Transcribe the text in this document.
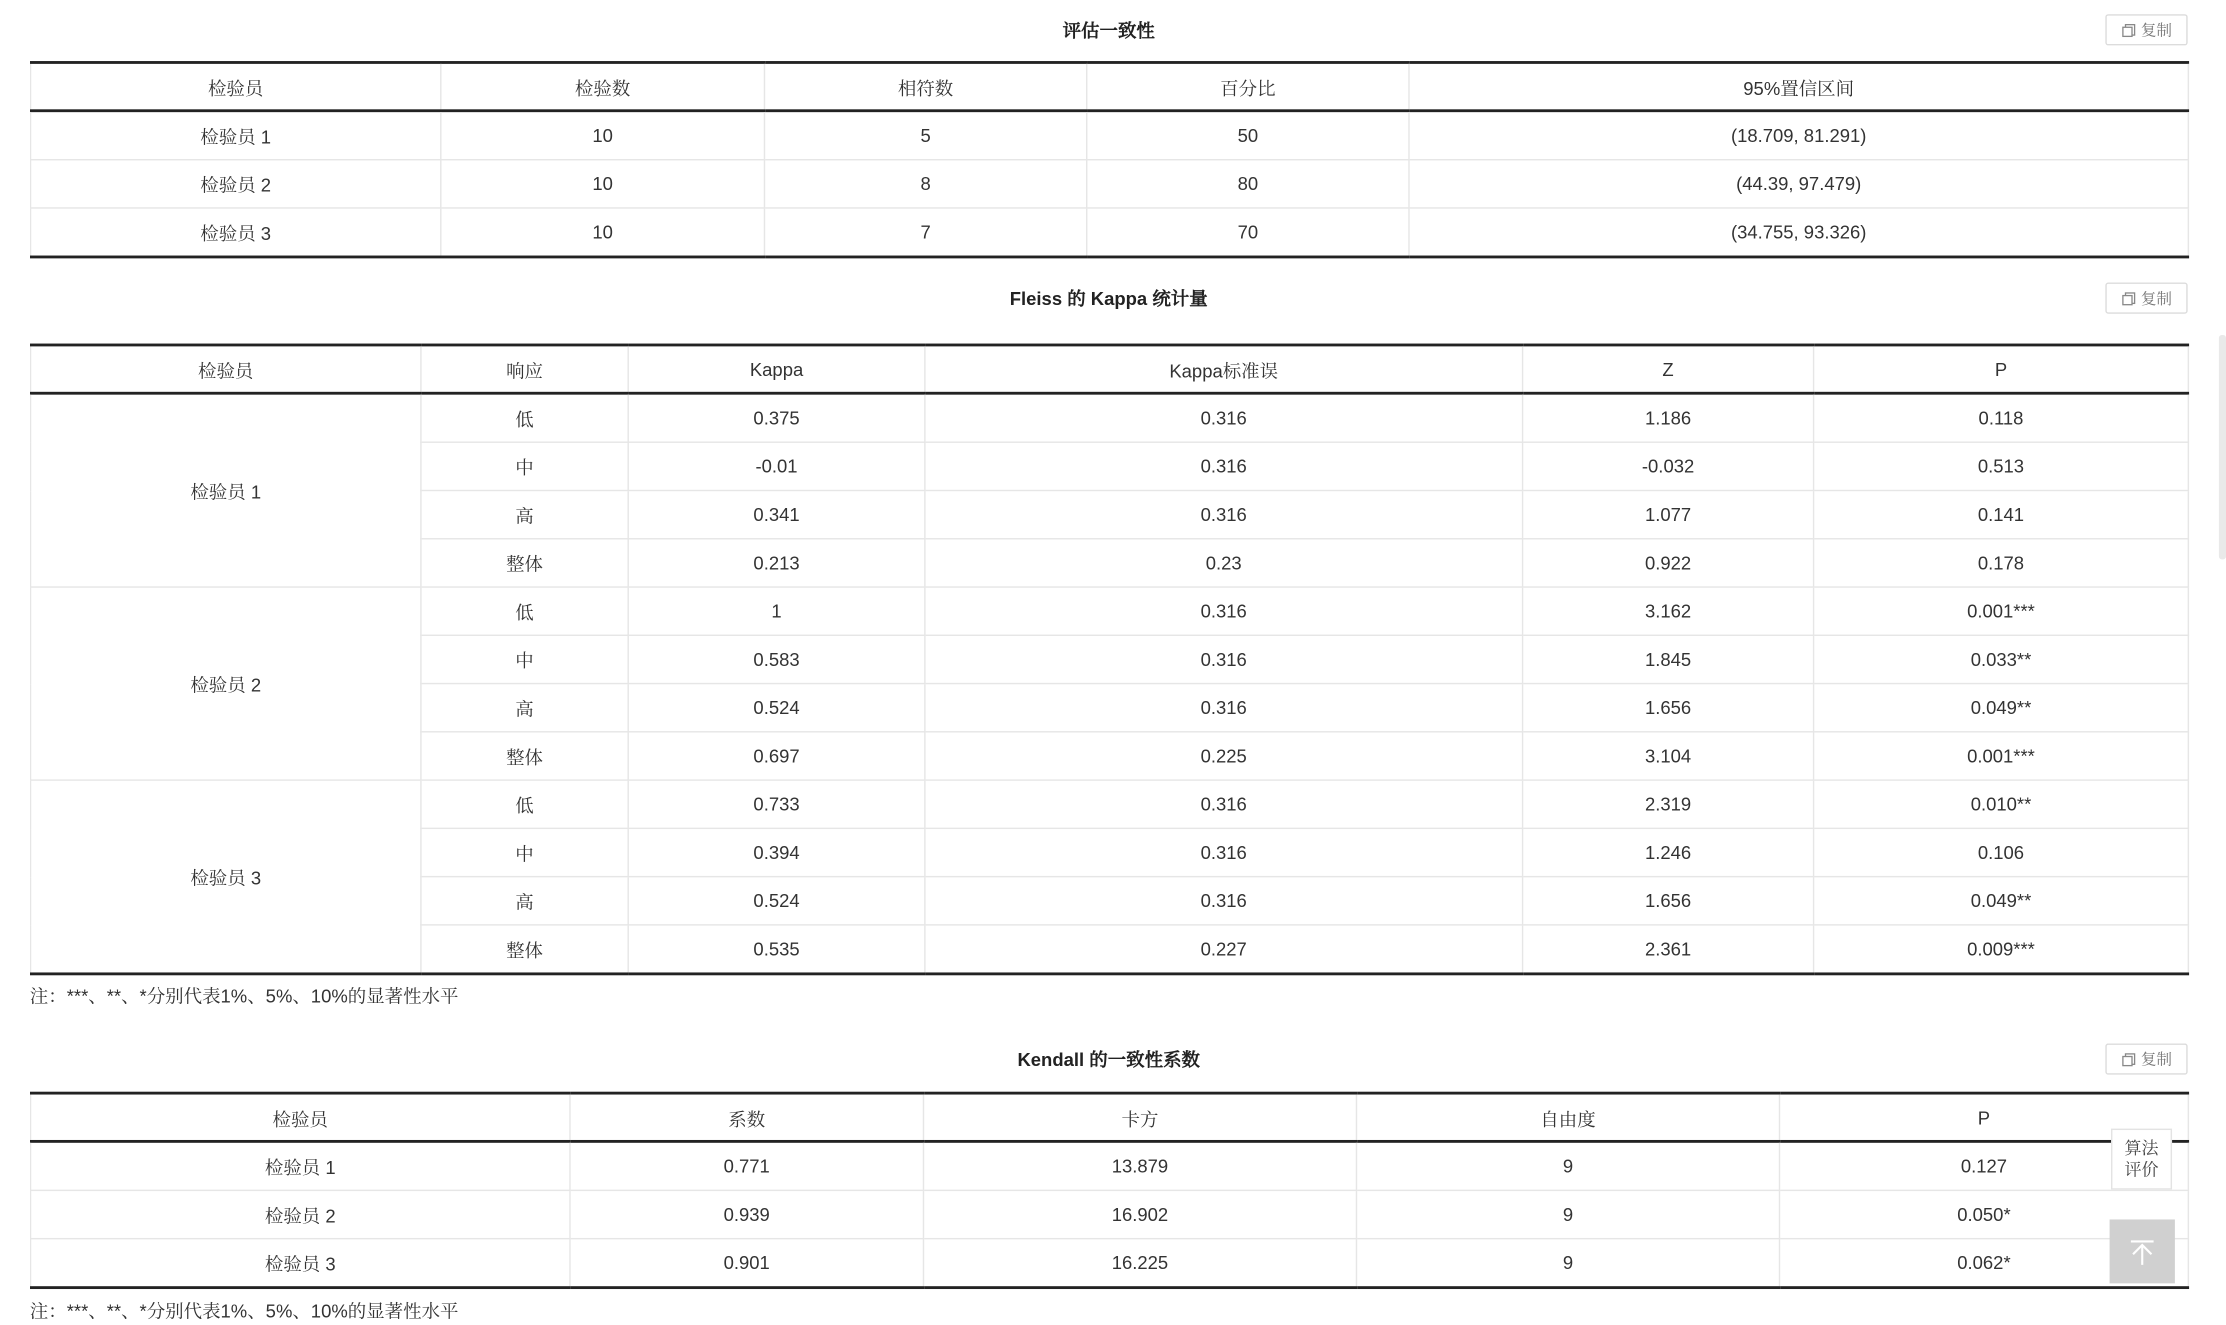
评估一致性	复制
检验员	检验数	相符数	百分比	95%置信区间
检验员 1	10	5	50	(18.709, 81.291)
检验员 2	10	8	80	(44.39, 97.479)
检验员 3	10	7	70	(34.755, 93.326)
Fleiss 的 Kappa 统计量	复制
检验员	响应	Kappa	Kappa标准误	Z	P
检验员 1	低	0.375	0.316	1.186	0.118
	中	-0.01	0.316	-0.032	0.513
	高	0.341	0.316	1.077	0.141
	整体	0.213	0.23	0.922	0.178
检验员 2	低	1	0.316	3.162	0.001***
	中	0.583	0.316	1.845	0.033**
	高	0.524	0.316	1.656	0.049**
	整体	0.697	0.225	3.104	0.001***
检验员 3	低	0.733	0.316	2.319	0.010**
	中	0.394	0.316	1.246	0.106
	高	0.524	0.316	1.656	0.049**
	整体	0.535	0.227	2.361	0.009***
注：***、**、*分别代表1%、5%、10%的显著性水平
Kendall 的一致性系数	复制
检验员	系数	卡方	自由度	P
检验员 1	0.771	13.879	9	0.127
检验员 2	0.939	16.902	9	0.050*
检验员 3	0.901	16.225	9	0.062*
注：***、**、*分别代表1%、5%、10%的显著性水平
算法
评价
